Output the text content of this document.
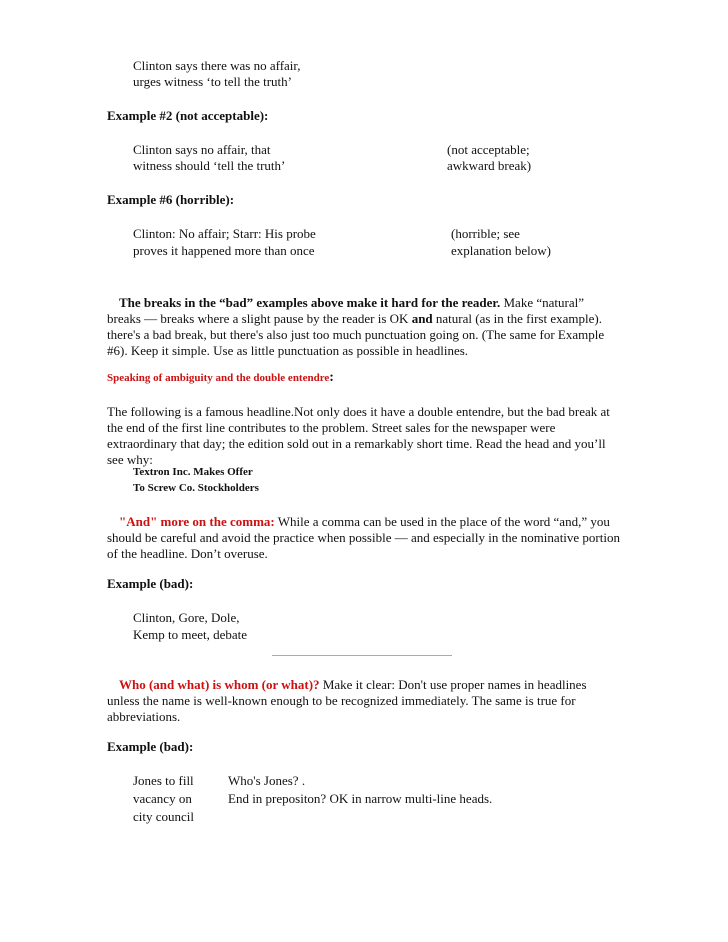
Clinton says there was no affair,
urges witness ‘to tell the truth’
Example #2 (not acceptable):
Clinton says no affair, that
witness should ‘tell the truth’
(not acceptable;
awkward break)
Example #6 (horrible):
Clinton: No affair; Starr: His probe
proves it happened more than once
(horrible; see
explanation below)
The breaks in the “bad” examples above make it hard for the reader. Make “natural” breaks — breaks where a slight pause by the reader is OK and natural (as in the first example). there's a bad break, but there's also just too much punctuation going on. (The same for Example #6). Keep it simple. Use as little punctuation as possible in headlines.
Speaking of ambiguity and the double entendre:
The following is a famous headline.Not only does it have a double entendre, but the bad break at the end of the first line contributes to the problem. Street sales for the newspaper were extraordinary that day; the edition sold out in a remarkably short time. Read the head and you’ll see why:
Textron Inc. Makes Offer
To Screw Co. Stockholders
"And" more on the comma: While a comma can be used in the place of the word “and,” you should be careful and avoid the practice when possible — and especially in the nominative portion of the headline. Don’t overuse.
Example (bad):
Clinton, Gore, Dole,
Kemp to meet, debate
Who (and what) is whom (or what)? Make it clear: Don't use proper names in headlines unless the name is well-known enough to be recognized immediately. The same is true for abbreviations.
Example (bad):
Jones to fill
vacancy on
city council
Who's Jones? .
End in prepositon? OK in narrow multi-line heads.
